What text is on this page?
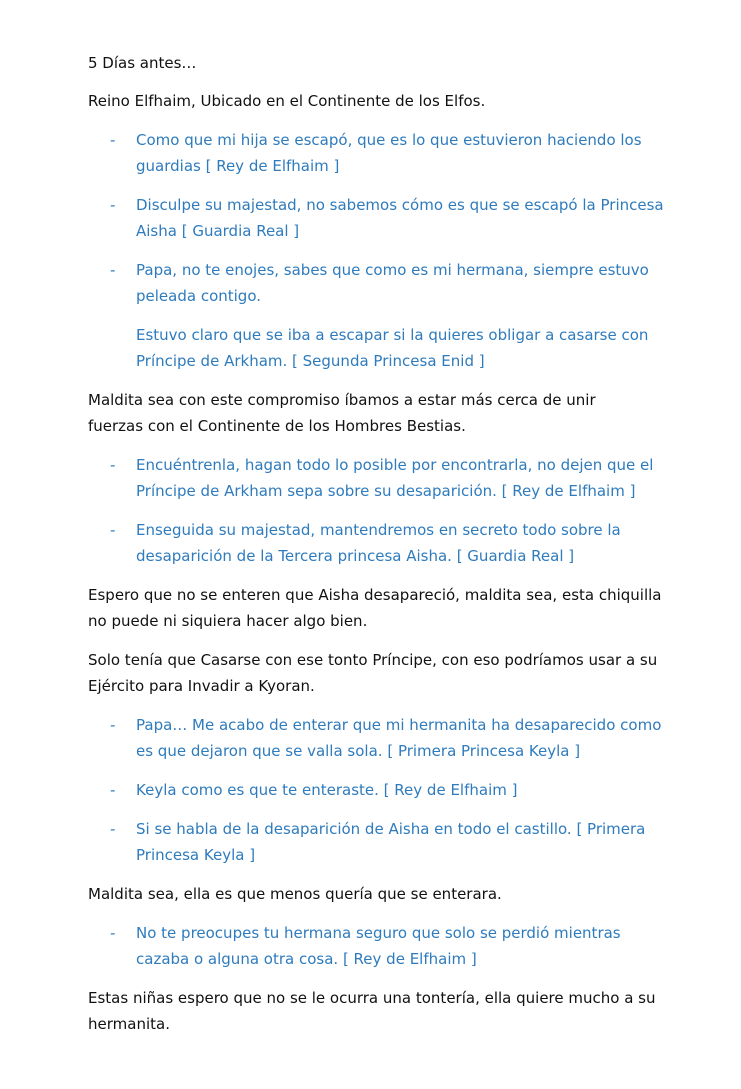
5 Días antes…

Reino Elfhaim, Ubicado en el Continente de los Elfos.

- Como que mi hija se escapó, que es lo que estuvieron haciendo los guardias [ Rey de Elfhaim ]
- Disculpe su majestad, no sabemos cómo es que se escapó la Princesa Aisha [ Guardia Real ]
- Papa, no te enojes, sabes que como es mi hermana, siempre estuvo peleada contigo.
Estuvo claro que se iba a escapar si la quieres obligar a casarse con Príncipe de Arkham. [ Segunda Princesa Enid ]

Maldita sea con este compromiso íbamos a estar más cerca de unir fuerzas con el Continente de los Hombres Bestias.

- Encuéntrenla, hagan todo lo posible por encontrarla, no dejen que el Príncipe de Arkham sepa sobre su desaparición. [ Rey de Elfhaim ]
- Enseguida su majestad, mantendremos en secreto todo sobre la desaparición de la Tercera princesa Aisha. [ Guardia Real ]

Espero que no se enteren que Aisha desapareció, maldita sea, esta chiquilla no puede ni siquiera hacer algo bien.

Solo tenía que Casarse con ese tonto Príncipe, con eso podríamos usar a su Ejército para Invadir a Kyoran.

- Papa… Me acabo de enterar que mi hermanita ha desaparecido como es que dejaron que se valla sola. [ Primera Princesa Keyla ]
- Keyla como es que te enteraste. [ Rey de Elfhaim ]
- Si se habla de la desaparición de Aisha en todo el castillo. [ Primera Princesa Keyla ]

Maldita sea, ella es que menos quería que se enterara.

- No te preocupes tu hermana seguro que solo se perdió mientras cazaba o alguna otra cosa. [ Rey de Elfhaim ]

Estas niñas espero que no se le ocurra una tontería, ella quiere mucho a su hermanita.
